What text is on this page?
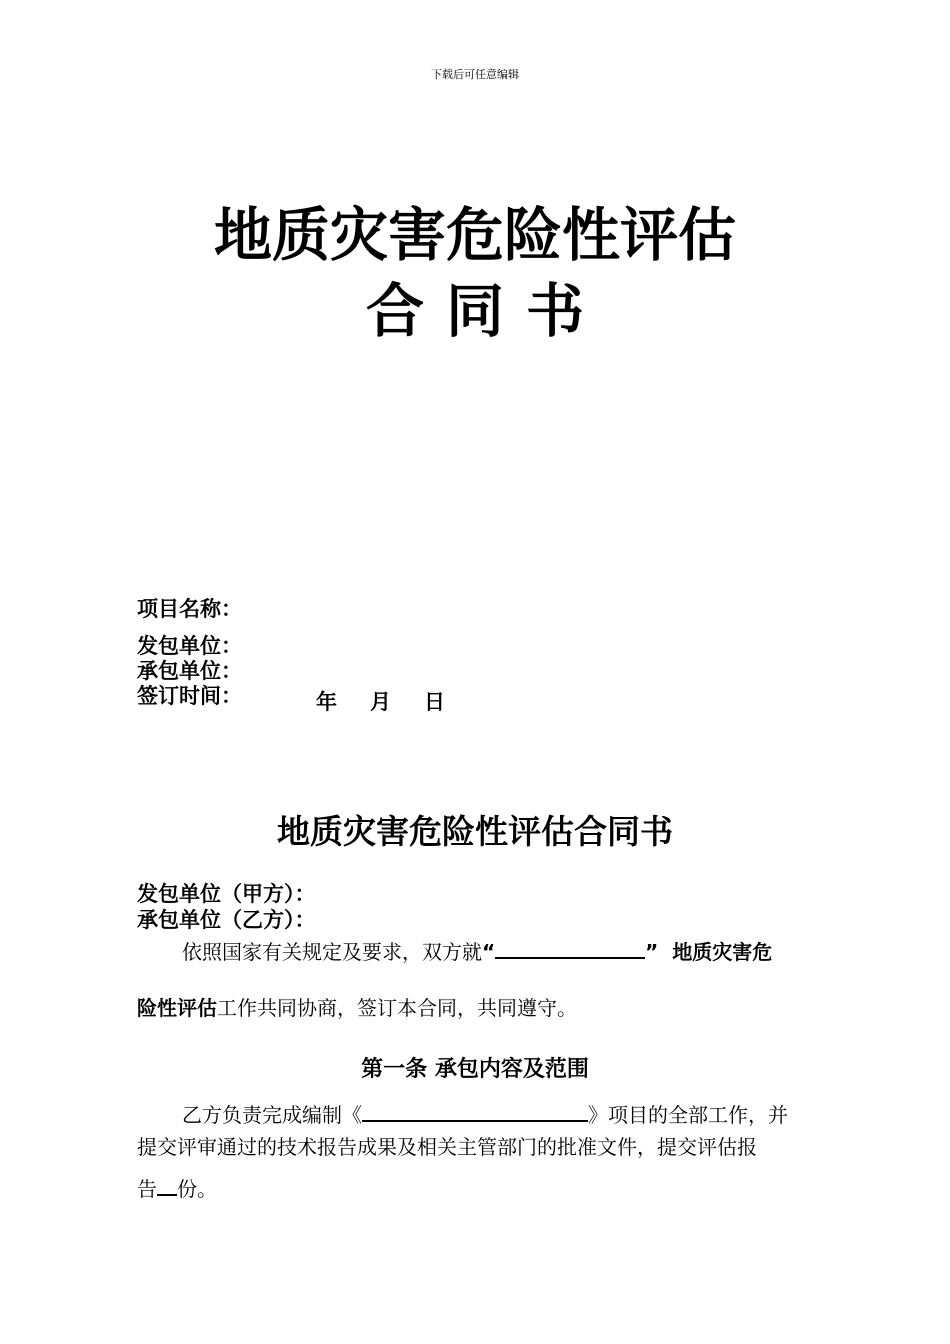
下载后可任意编辑
地质灾害危险性评估
合同书
项目名称：
发包单位：
承包单位：
签订时间：	年 月 日
地质灾害危险性评估合同书
发包单位（甲方）：
承包单位（乙方）：
依照国家有关规定及要求，双方就“	” 地质灾害危
险性评估工作共同协商，签订本合同，共同遵守。
第一条 承包内容及范围
乙方负责完成编制《	》项目的全部工作，并
提交评审通过的技术报告成果及相关主管部门的批准文件，提交评估报
告 份。
